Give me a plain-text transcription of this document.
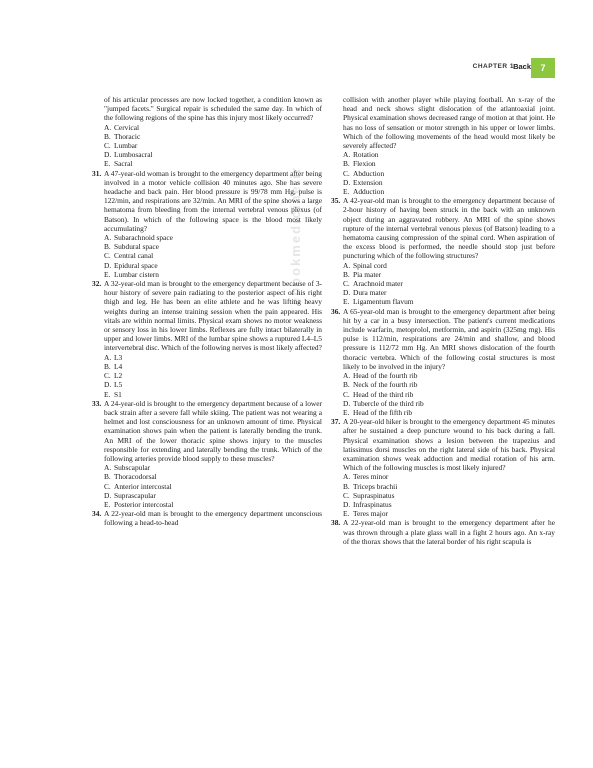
CHAPTER 1 Back	7
ebookmedicine.ir

of his articular processes are now locked together, a condition known as "jumped facets." Surgical repair is scheduled the same day. In which of the following regions of the spine has this injury most likely occurred?

A. Cervical
B. Thoracic
C. Lumbar
D. Lumbosacral
E. Sacral

31. A 47-year-old woman is brought to the emergency department after being involved in a motor vehicle collision 40 minutes ago. She has severe headache and back pain. Her blood pressure is 99/78 mm Hg, pulse is 122/min, and respirations are 32/min. An MRI of the spine shows a large hematoma from bleeding from the internal vertebral venous plexus (of Batson). In which of the following space is the blood most likely accumulating?

A. Subarachnoid space
B. Subdural space
C. Central canal
D. Epidural space
E. Lumbar cistern

32. A 32-year-old man is brought to the emergency department because of 3-hour history of severe pain radiating to the posterior aspect of his right thigh and leg. He has been an elite athlete and he was lifting heavy weights during an intense training session when the pain appeared. His vitals are within normal limits. Physical exam shows no motor weakness or sensory loss in his lower limbs. Reflexes are fully intact bilaterally in upper and lower limbs. MRI of the lumbar spine shows a ruptured L4–L5 intervertebral disc. Which of the following nerves is most likely affected?

A. L3
B. L4
C. L2
D. L5
E. S1

33. A 24-year-old is brought to the emergency department because of a lower back strain after a severe fall while skiing. The patient was not wearing a helmet and lost consciousness for an unknown amount of time. Physical examination shows pain when the patient is laterally bending the trunk. An MRI of the lower thoracic spine shows injury to the muscles responsible for extending and laterally bending the trunk. Which of the following arteries provide blood supply to these muscles?

A. Subscapular
B. Thoracodorsal
C. Anterior intercostal
D. Suprascapular
E. Posterior intercostal

34. A 22-year-old man is brought to the emergency department unconscious following a head-to-head

collision with another player while playing football. An x-ray of the head and neck shows slight dislocation of the atlantoaxial joint. Physical examination shows decreased range of motion at that joint. He has no loss of sensation or motor strength in his upper or lower limbs. Which of the following movements of the head would most likely be severely affected?

A. Rotation
B. Flexion
C. Abduction
D. Extension
E. Adduction

35. A 42-year-old man is brought to the emergency department because of 2-hour history of having been struck in the back with an unknown object during an aggravated robbery. An MRI of the spine shows rupture of the internal vertebral venous plexus (of Batson) leading to a hematoma causing compression of the spinal cord. When aspiration of the excess blood is performed, the needle should stop just before puncturing which of the following structures?

A. Spinal cord
B. Pia mater
C. Arachnoid mater
D. Dura mater
E. Ligamentum flavum

36. A 65-year-old man is brought to the emergency department after being hit by a car in a busy intersection. The patient's current medications include warfarin, metoprolol, metformin, and aspirin (325mg mg). His pulse is 112/min, respirations are 24/min and shallow, and blood pressure is 112/72 mm Hg. An MRI shows dislocation of the fourth thoracic vertebra. Which of the following costal structures is most likely to be involved in the injury?

A. Head of the fourth rib
B. Neck of the fourth rib
C. Head of the third rib
D. Tubercle of the third rib
E. Head of the fifth rib

37. A 20-year-old hiker is brought to the emergency department 45 minutes after he sustained a deep puncture wound to his back during a fall. Physical examination shows a lesion between the trapezius and latissimus dorsi muscles on the right lateral side of his back. Physical examination shows weak adduction and medial rotation of his arm. Which of the following muscles is most likely injured?

A. Teres minor
B. Triceps brachii
C. Supraspinatus
D. Infraspinatus
E. Teres major

38. A 22-year-old man is brought to the emergency department after he was thrown through a plate glass wall in a fight 2 hours ago. An x-ray of the thorax shows that the lateral border of his right scapula is
